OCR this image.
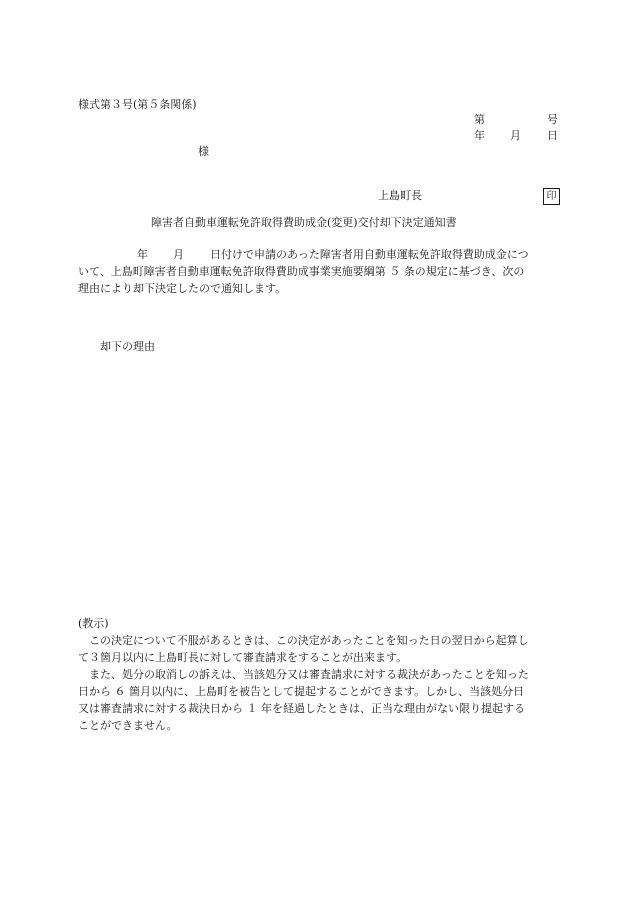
様式第３号(第５条関係)
第	号
年 月 日
様
上島町長	印
障害者自動車運転免許取得費助成金(変更)交付却下決定通知書
年 月 日付けで申請のあった障害者用自動車運転免許取得費助成金につ
いて、上島町障害者自動車運転免許取得費助成事業実施要綱第 ５ 条の規定に基づき、次の
理由により却下決定したので通知します。
却下の理由
(教示)
この決定について不服があるときは、この決定があったことを知った日の翌日から起算し
て３箇月以内に上島町長に対して審査請求をすることが出来ます。
また、処分の取消しの訴えは、当該処分又は審査請求に対する裁決があったことを知った
日から ６ 箇月以内に、上島町を被告として提起することができます。しかし、当該処分日
又は審査請求に対する裁決日から １ 年を経過したときは、正当な理由がない限り提起する
ことができません。
